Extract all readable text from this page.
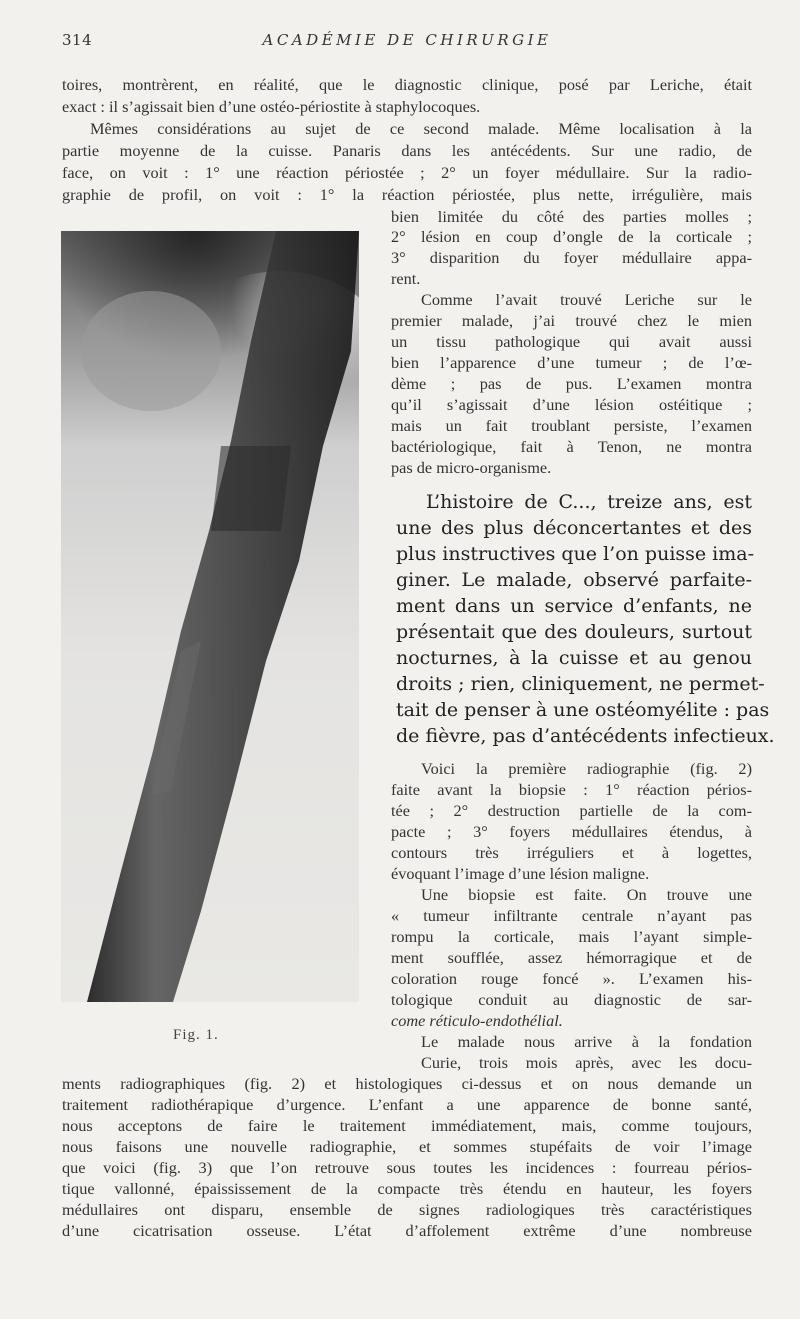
314	ACADÉMIE DE CHIRURGIE
toires, montrèrent, en réalité, que le diagnostic clinique, posé par Leriche, était
exact : il s’agissait bien d’une ostéo-périostite à staphylocoques.
Mêmes considérations au sujet de ce second malade. Même localisation à la
partie moyenne de la cuisse. Panaris dans les antécédents. Sur une radio, de
face, on voit : 1° une réaction périostée ; 2° un foyer médullaire. Sur la radio-
graphie de profil, on voit : 1° la réaction périostée, plus nette, irrégulière, mais
bien limitée du côté des parties molles ;
2° lésion en coup d’ongle de la corticale ;
3° disparition du foyer médullaire appa-
rent.
Comme l’avait trouvé Leriche sur le
premier malade, j’ai trouvé chez le mien
un tissu pathologique qui avait aussi
bien l’apparence d’une tumeur ; de l’œ-
dème ; pas de pus. L’examen montra
qu’il s’agissait d’une lésion ostéitique ;
mais un fait troublant persiste, l’examen
bactériologique, fait à Tenon, ne montra
pas de micro-organisme.
L’histoire de C..., treize ans, est
une des plus déconcertantes et des
plus instructives que l’on puisse ima-
giner. Le malade, observé parfaite-
ment dans un service d’enfants, ne
présentait que des douleurs, surtout
nocturnes, à la cuisse et au genou
droits ; rien, cliniquement, ne permet-
tait de penser à une ostéomyélite : pas
de fièvre, pas d’antécédents infectieux.
Voici la première radiographie (fig. 2)
faite avant la biopsie : 1° réaction périos-
tée ; 2° destruction partielle de la com-
pacte ; 3° foyers médullaires étendus, à
contours très irréguliers et à logettes,
évoquant l’image d’une lésion maligne.
Une biopsie est faite. On trouve une
« tumeur infiltrante centrale n’ayant pas
rompu la corticale, mais l’ayant simple-
ment soufflée, assez hémorragique et de
coloration rouge foncé ». L’examen his-
tologique conduit au diagnostic de sar-
come réticulo-endothélial.
Le malade nous arrive à la fondation
Curie, trois mois après, avec les docu-
ments radiographiques (fig. 2) et histologiques ci-dessus et on nous demande un
traitement radiothérapique d’urgence. L’enfant a une apparence de bonne santé,
nous acceptons de faire le traitement immédiatement, mais, comme toujours,
nous faisons une nouvelle radiographie, et sommes stupéfaits de voir l’image
que voici (fig. 3) que l’on retrouve sous toutes les incidences : fourreau périos-
tique vallonné, épaississement de la compacte très étendu en hauteur, les foyers
médullaires ont disparu, ensemble de signes radiologiques très caractéristiques
d’une cicatrisation osseuse. L’état d’affolement extrême d’une nombreuse
Fig. 1.
